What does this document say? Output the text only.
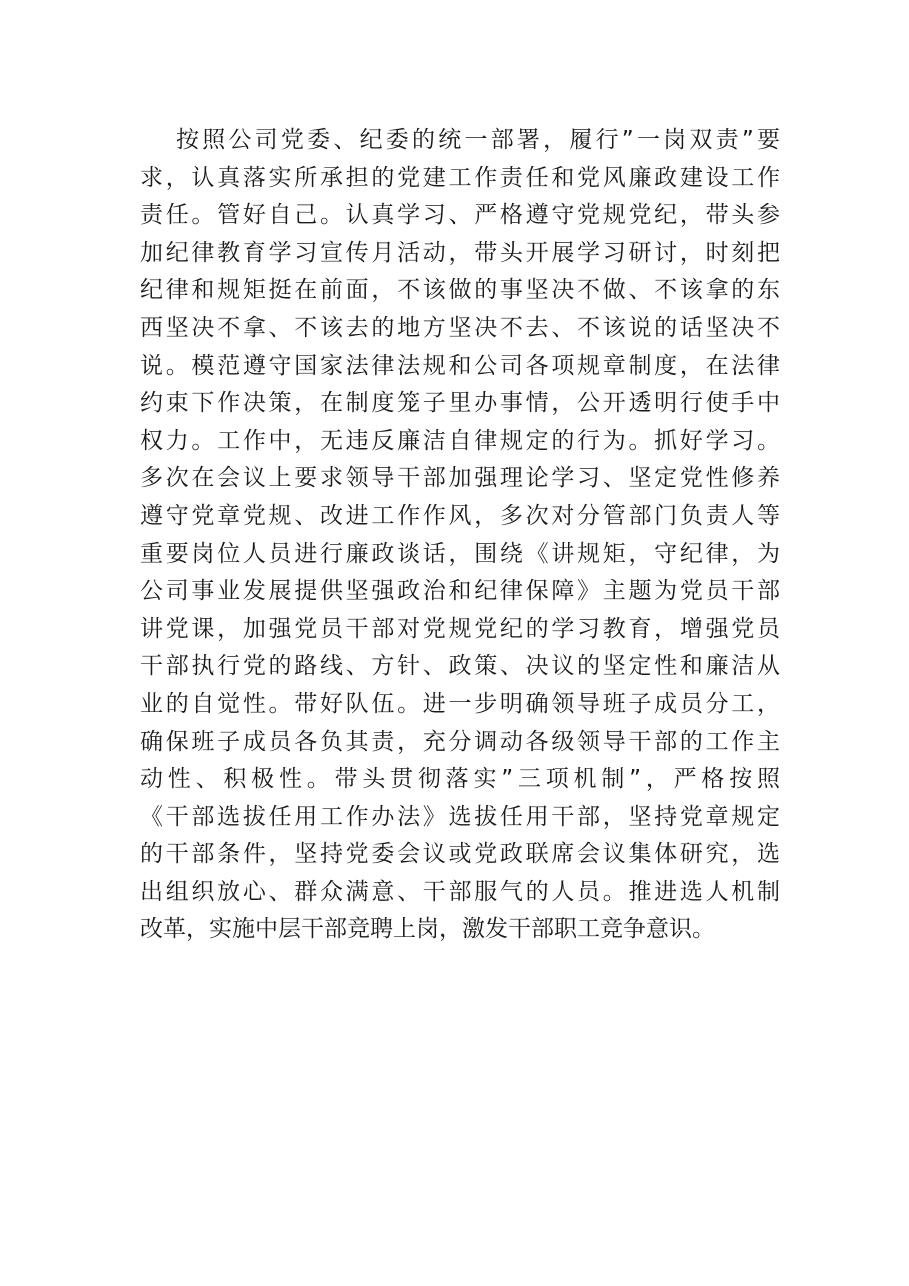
按照公司党委、纪委的统一部署，履行”一岗双责”要
求，认真落实所承担的党建工作责任和党风廉政建设工作
责任。管好自己。认真学习、严格遵守党规党纪，带头参
加纪律教育学习宣传月活动，带头开展学习研讨，时刻把
纪律和规矩挺在前面，不该做的事坚决不做、不该拿的东
西坚决不拿、不该去的地方坚决不去、不该说的话坚决不
说。模范遵守国家法律法规和公司各项规章制度，在法律
约束下作决策，在制度笼子里办事情，公开透明行使手中
权力。工作中，无违反廉洁自律规定的行为。抓好学习。
多次在会议上要求领导干部加强理论学习、坚定党性修养
遵守党章党规、改进工作作风，多次对分管部门负责人等
重要岗位人员进行廉政谈话，围绕《讲规矩，守纪律，为
公司事业发展提供坚强政治和纪律保障》主题为党员干部
讲党课，加强党员干部对党规党纪的学习教育，增强党员
干部执行党的路线、方针、政策、决议的坚定性和廉洁从
业的自觉性。带好队伍。进一步明确领导班子成员分工，
确保班子成员各负其责，充分调动各级领导干部的工作主
动性、积极性。带头贯彻落实”三项机制”，严格按照
《干部选拔任用工作办法》选拔任用干部，坚持党章规定
的干部条件，坚持党委会议或党政联席会议集体研究，选
出组织放心、群众满意、干部服气的人员。推进选人机制
改革，实施中层干部竞聘上岗，激发干部职工竞争意识。
